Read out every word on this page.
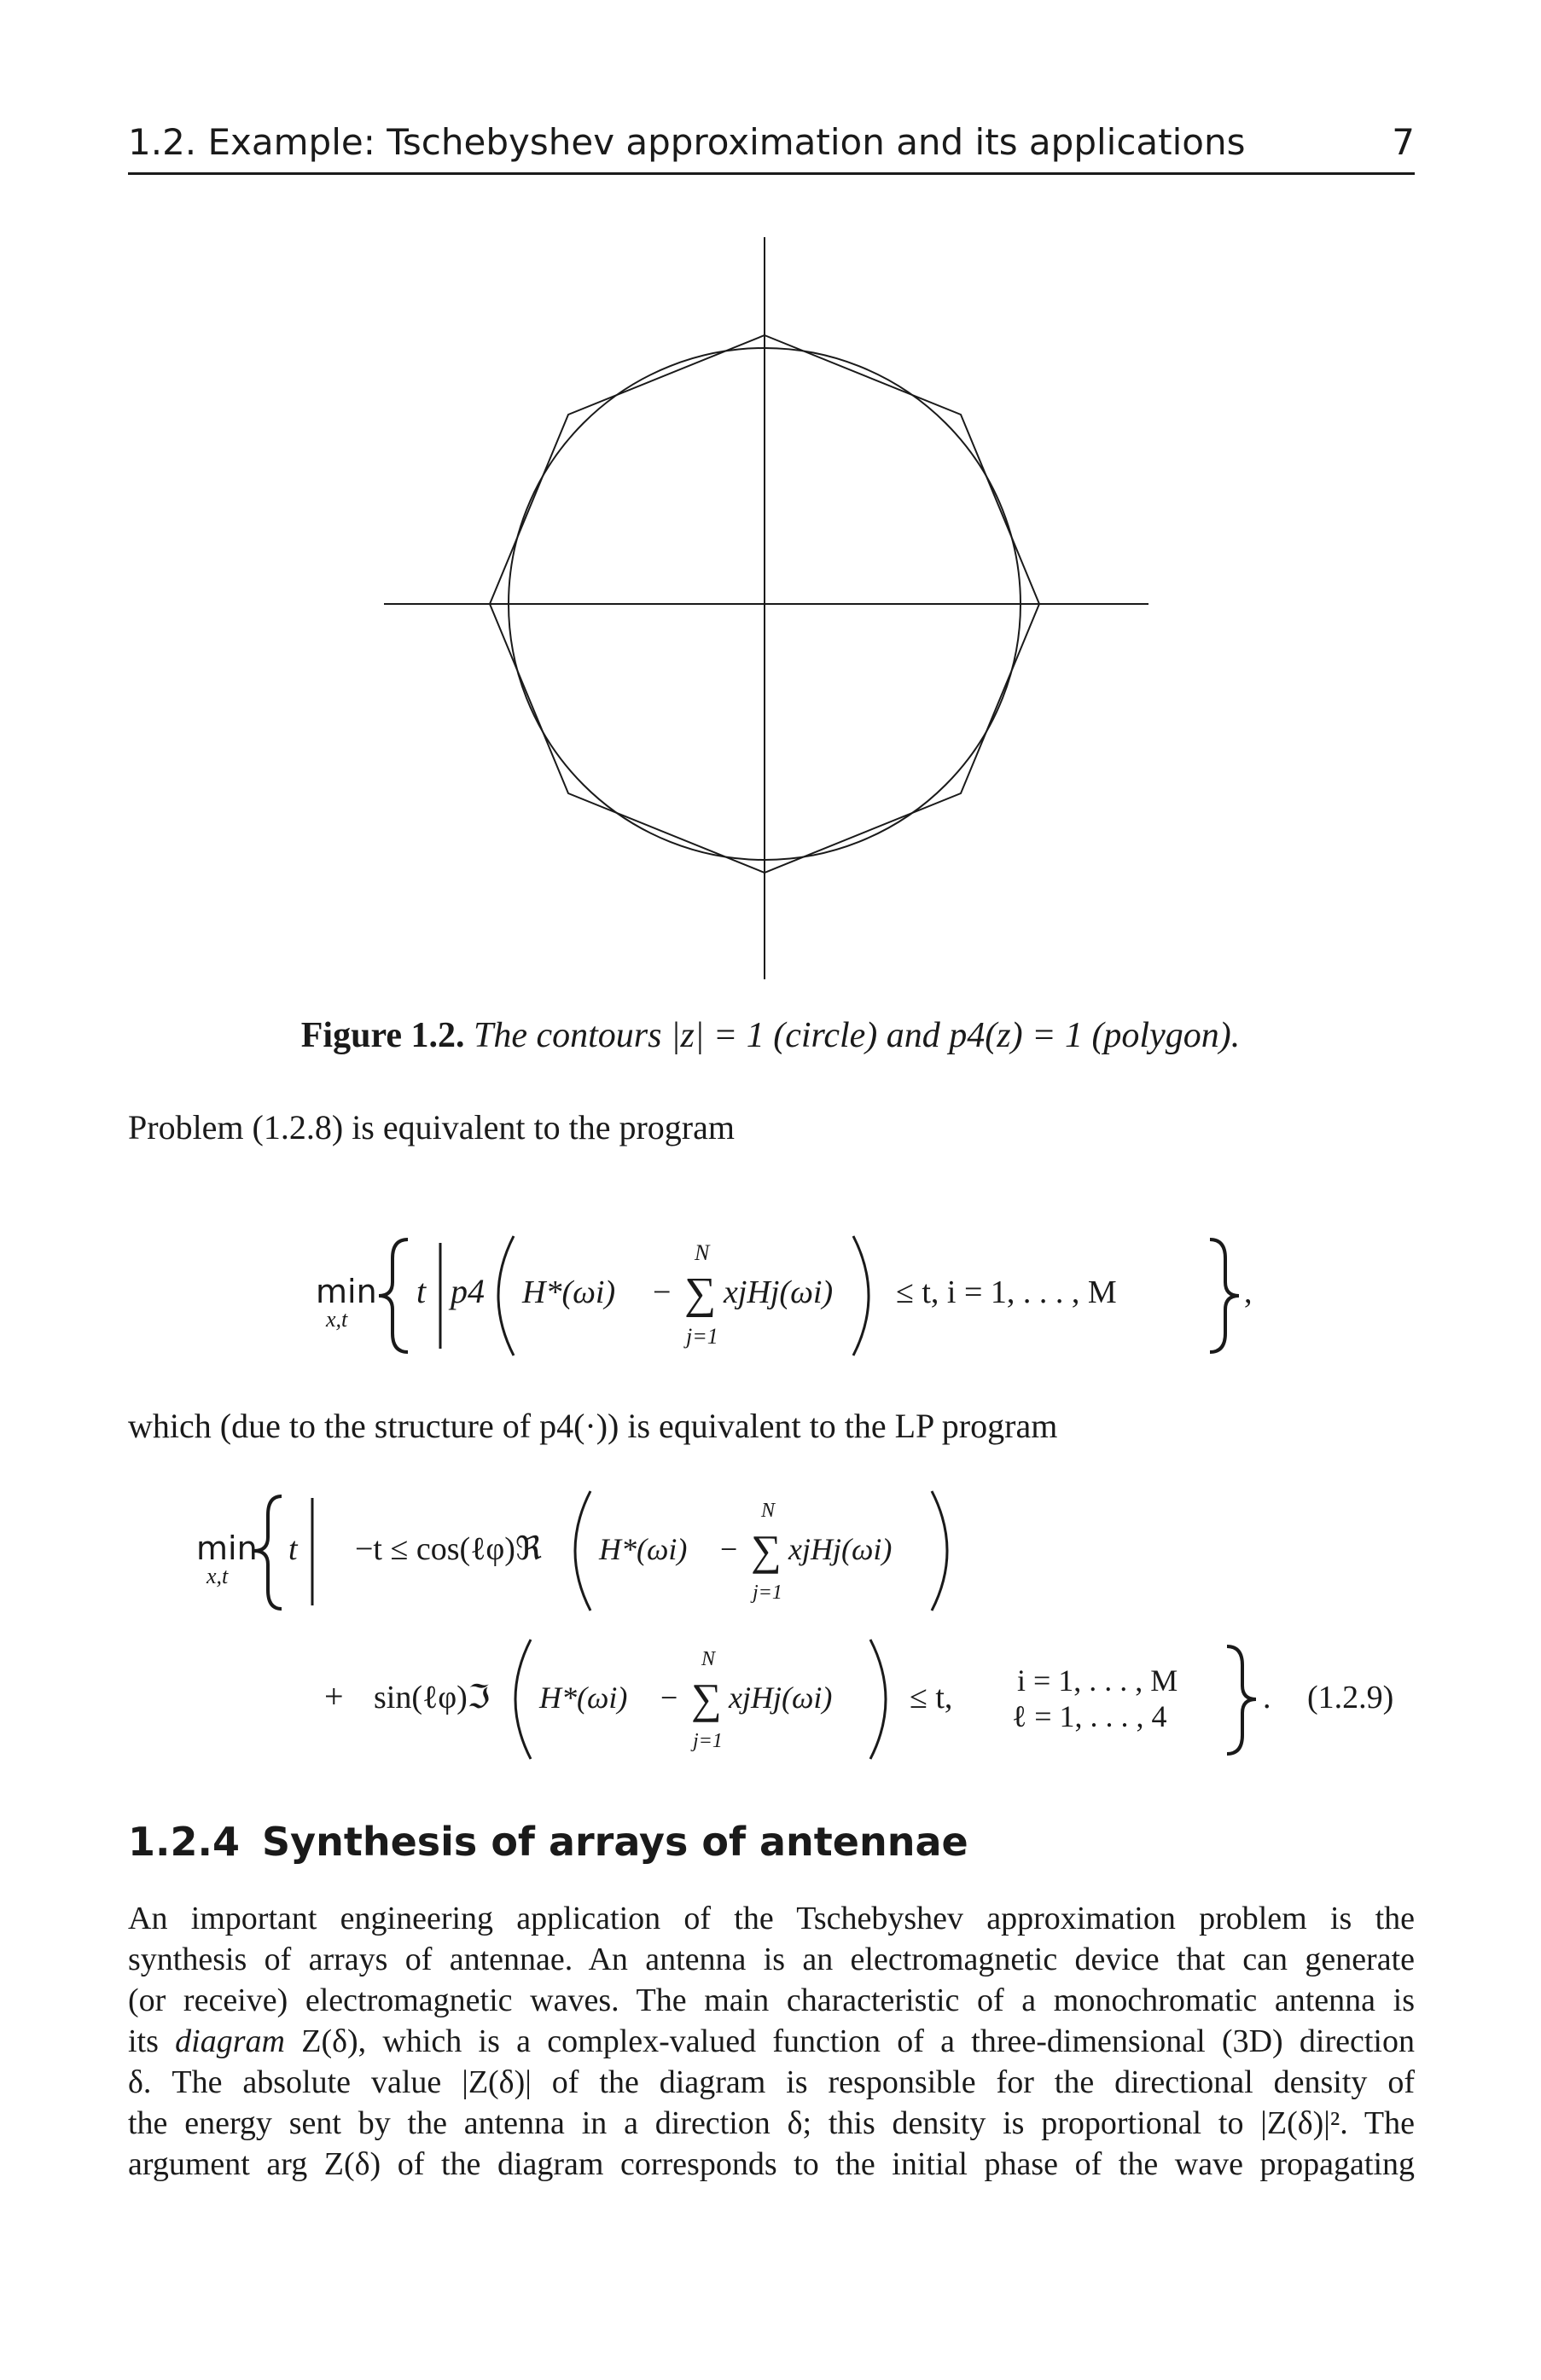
1.2. Example: Tschebyshev approximation and its applications	7
Figure 1.2. The contours |z| = 1 (circle) and p4(z) = 1 (polygon).
Problem (1.2.8) is equivalent to the program
min
x,t
t p4 H*(ωi) −
N
∑
j=1
xjHj(ωi) ≤ t, i = 1, . . . , M	,
which (due to the structure of p4(·)) is equivalent to the LP program
min
x,t
t −t ≤ cos(ℓφ)ℜ H*(ωi) −
N
∑
j=1
xjHj(ωi)
+ sin(ℓφ)ℑ H*(ωi) −
N
∑
j=1
xjHj(ωi) ≤ t, i = 1, . . . , M
ℓ = 1, . . . , 4
. (1.2.9)
1.2.4 Synthesis of arrays of antennae
An important engineering application of the Tschebyshev approximation problem is the
synthesis of arrays of antennae. An antenna is an electromagnetic device that can generate
(or receive) electromagnetic waves. The main characteristic of a monochromatic antenna is
its diagram Z(δ), which is a complex-valued function of a three-dimensional (3D) direction
δ. The absolute value |Z(δ)| of the diagram is responsible for the directional density of
the energy sent by the antenna in a direction δ; this density is proportional to |Z(δ)|². The
argument arg Z(δ) of the diagram corresponds to the initial phase of the wave propagating
